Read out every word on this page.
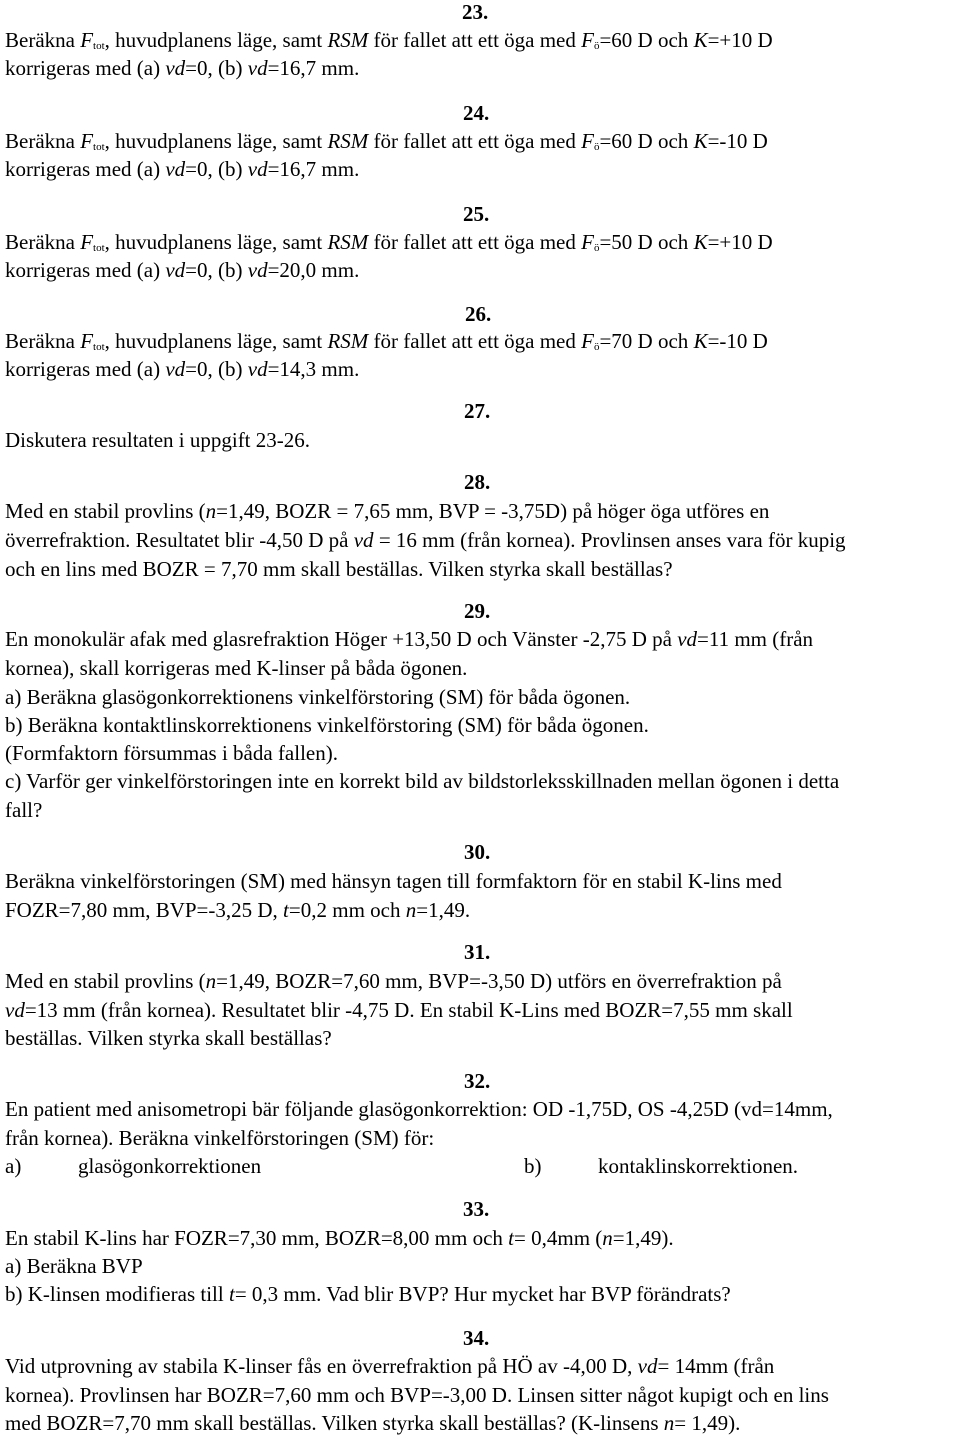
23.
Beräkna $F_{tot}$, huvudplanens läge, samt RSM för fallet att ett öga med $F_ö=60$ D och K=+10 D
korrigeras med (a) vd=0, (b) vd=16,7 mm.
24.
Beräkna $F_{tot}$, huvudplanens läge, samt RSM för fallet att ett öga med $F_ö=60$ D och K=-10 D
korrigeras med (a) vd=0, (b) vd=16,7 mm.
25.
Beräkna $F_{tot}$, huvudplanens läge, samt RSM för fallet att ett öga med $F_ö=50$ D och K=+10 D
korrigeras med (a) vd=0, (b) vd=20,0 mm.
26.
Beräkna $F_{tot}$, huvudplanens läge, samt RSM för fallet att ett öga med $F_ö=70$ D och K=-10 D
korrigeras med (a) vd=0, (b) vd=14,3 mm.
27.
Diskutera resultaten i uppgift 23-26.
28.
Med en stabil provlins (n=1,49, BOZR = 7,65 mm, BVP = -3,75D) på höger öga utföres en
överrefraktion. Resultatet blir -4,50 D på vd = 16 mm (från kornea). Provlinsen anses vara för kupig
och en lins med BOZR = 7,70 mm skall beställas. Vilken styrka skall beställas?
29.
En monokulär afak med glasrefraktion Höger +13,50 D och Vänster -2,75 D på vd=11 mm (från
kornea), skall korrigeras med K-linser på båda ögonen.
a) Beräkna glasögonkorrektionens vinkelförstoring (SM) för båda ögonen.
b) Beräkna kontaktlinskorrektionens vinkelförstoring (SM) för båda ögonen.
(Formfaktorn försummas i båda fallen).
c) Varför ger vinkelförstoringen inte en korrekt bild av bildstorleksskillnaden mellan ögonen i detta
fall?
30.
Beräkna vinkelförstoringen (SM) med hänsyn tagen till formfaktorn för en stabil K-lins med
FOZR=7,80 mm, BVP=-3,25 D, t=0,2 mm och n=1,49.
31.
Med en stabil provlins (n=1,49, BOZR=7,60 mm, BVP=-3,50 D) utförs en överrefraktion på
vd=13 mm (från kornea). Resultatet blir -4,75 D. En stabil K-Lins med BOZR=7,55 mm skall
beställas. Vilken styrka skall beställas?
32.
En patient med anisometropi bär följande glasögonkorrektion: OD -1,75D, OS -4,25D (vd=14mm,
från kornea). Beräkna vinkelförstoringen (SM) för:
a)	glasögonkorrektionen	b)	kontaklinskorrektionen.
33.
En stabil K-lins har FOZR=7,30 mm, BOZR=8,00 mm och t= 0,4mm (n=1,49).
a) Beräkna BVP
b) K-linsen modifieras till t= 0,3 mm. Vad blir BVP? Hur mycket har BVP förändrats?
34.
Vid utprovning av stabila K-linser fås en överrefraktion på HÖ av -4,00 D, vd= 14mm (från
kornea). Provlinsen har BOZR=7,60 mm och BVP=-3,00 D. Linsen sitter något kupigt och en lins
med BOZR=7,70 mm skall beställas. Vilken styrka skall beställas? (K-linsens n= 1,49).
